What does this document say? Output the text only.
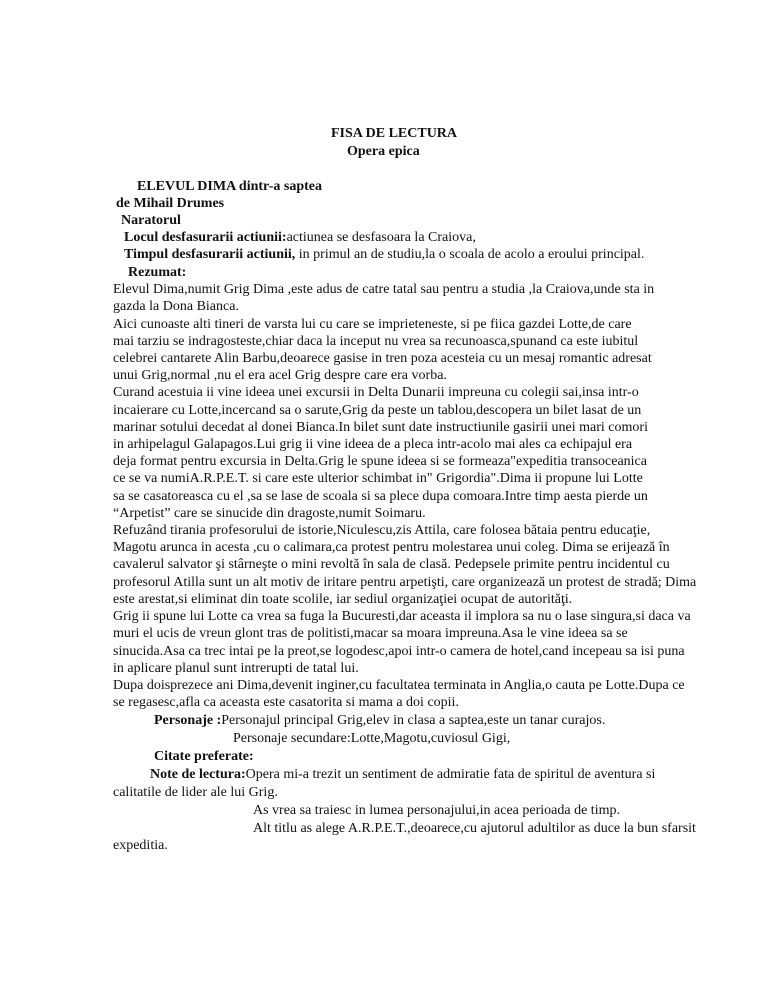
FISA DE LECTURA
Opera epica
ELEVUL DIMA dintr-a saptea
de Mihail Drumes
Naratorul
Locul desfasurarii actiunii:actiunea se desfasoara la Craiova,
Timpul desfasurarii actiunii, in primul an de studiu,la o scoala de acolo a eroului principal.
Rezumat:
Elevul Dima,numit Grig Dima ,este adus de catre tatal sau pentru a studia ,la Craiova,unde sta in
gazda la Dona Bianca.
Aici cunoaste alti tineri de varsta lui cu care se imprieteneste, si pe fiica gazdei Lotte,de care
mai tarziu se indragosteste,chiar daca la inceput nu vrea sa recunoasca,spunand ca este iubitul
celebrei cantarete Alin Barbu,deoarece gasise in tren poza acesteia cu un mesaj romantic adresat
unui Grig,normal ,nu el era acel Grig despre care era vorba.
Curand acestuia ii vine ideea unei excursii in Delta Dunarii impreuna cu colegii sai,insa intr-o
incaierare cu Lotte,incercand sa o sarute,Grig da peste un tablou,descopera un bilet lasat de un
marinar sotului decedat al donei Bianca.In bilet sunt date instructiunile gasirii unei mari comori
in arhipelagul Galapagos.Lui grig ii vine ideea de a pleca intr-acolo mai ales ca echipajul era
deja format pentru excursia in Delta.Grig le spune ideea si se formeaza"expeditia transoceanica
ce se va numiA.R.P.E.T. si care este ulterior schimbat in" Grigordia".Dima ii propune lui Lotte
sa se casatoreasca cu el ,sa se lase de scoala si sa plece dupa comoara.Intre timp aesta pierde un
“Arpetist” care se sinucide din dragoste,numit Soimaru.
Refuzând tirania profesorului de istorie,Niculescu,zis Attila, care folosea bătaia pentru educaţie,
Magotu arunca in acesta ,cu o calimara,ca protest pentru molestarea unui coleg. Dima se erijează în
cavalerul salvator şi stârneşte o mini revoltă în sala de clasă. Pedepsele primite pentru incidentul cu
profesorul Atilla sunt un alt motiv de iritare pentru arpetişti, care organizează un protest de stradă; Dima
este arestat,si eliminat din toate scolile, iar sediul organizaţiei ocupat de autorităţi.
Grig ii spune lui Lotte ca vrea sa fuga la Bucuresti,dar aceasta il implora sa nu o lase singura,si daca va
muri el ucis de vreun glont tras de politisti,macar sa moara impreuna.Asa le vine ideea sa se
sinucida.Asa ca trec intai pe la preot,se logodesc,apoi intr-o camera de hotel,cand incepeau sa isi puna
in aplicare planul sunt intrerupti de tatal lui.
Dupa doisprezece ani Dima,devenit inginer,cu facultatea terminata in Anglia,o cauta pe Lotte.Dupa ce
se regasesc,afla ca aceasta este casatorita si mama a doi copii.
Personaje :Personajul principal Grig,elev in clasa a saptea,este un tanar curajos.
Personaje secundare:Lotte,Magotu,cuviosul Gigi,
Citate preferate:
Note de lectura:Opera mi-a trezit un sentiment de admiratie fata de spiritul de aventura si
calitatile de lider ale lui Grig.
As vrea sa traiesc in lumea personajului,in acea perioada de timp.
Alt titlu as alege A.R.P.E.T.,deoarece,cu ajutorul adultilor as duce la bun sfarsit
expeditia.
